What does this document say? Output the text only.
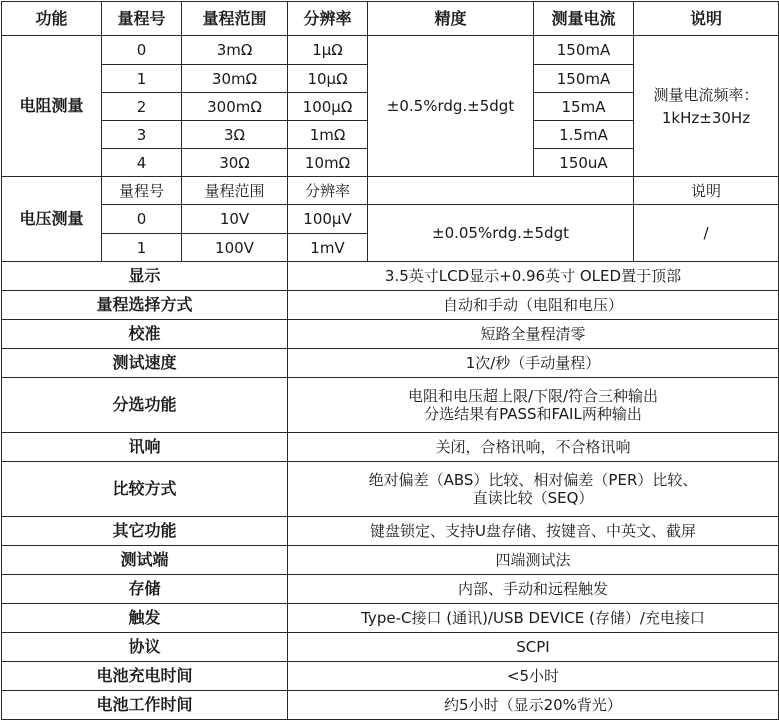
功能	量程号	量程范围	分辨率	精度	测量电流	说明
电阻测量	0	3mΩ	1μΩ	±0.5%rdg.±5dgt	150mA	测量电流频率：
1kHz±30Hz

	1	30mΩ	10μΩ		150mA	
	2	300mΩ	100μΩ		15mA	
	3	3Ω	1mΩ		1.5mA	
	4	30Ω	10mΩ		150uA	
电压测量	量程号	量程范围	分辨率			说明
	0	10V	100μV	±0.05%rdg.±5dgt		/
	1	100V	1mV			
显示			3.5英寸LCD显示+0.96英寸 OLED置于顶部			
量程选择方式			自动和手动（电阻和电压）			
校准			短路全量程清零			
测试速度			1次/秒（手动量程）			
分选功能			电阻和电压超上限/下限/符合三种输出
分选结果有PASS和FAIL两种输出			

讯响			关闭，合格讯响，不合格讯响			
比较方式			绝对偏差（ABS）比较、相对偏差（PER）比较、
直读比较（SEQ）			

其它功能			键盘锁定、支持U盘存储、按键音、中英文、截屏			
测试端			四端测试法			
存储			内部、手动和远程触发			
触发			Type-C接口 (通讯)/USB DEVICE (存储）/充电接口			
协议			SCPI			
电池充电时间			<5小时			
电池工作时间			约5小时（显示20%背光）			
